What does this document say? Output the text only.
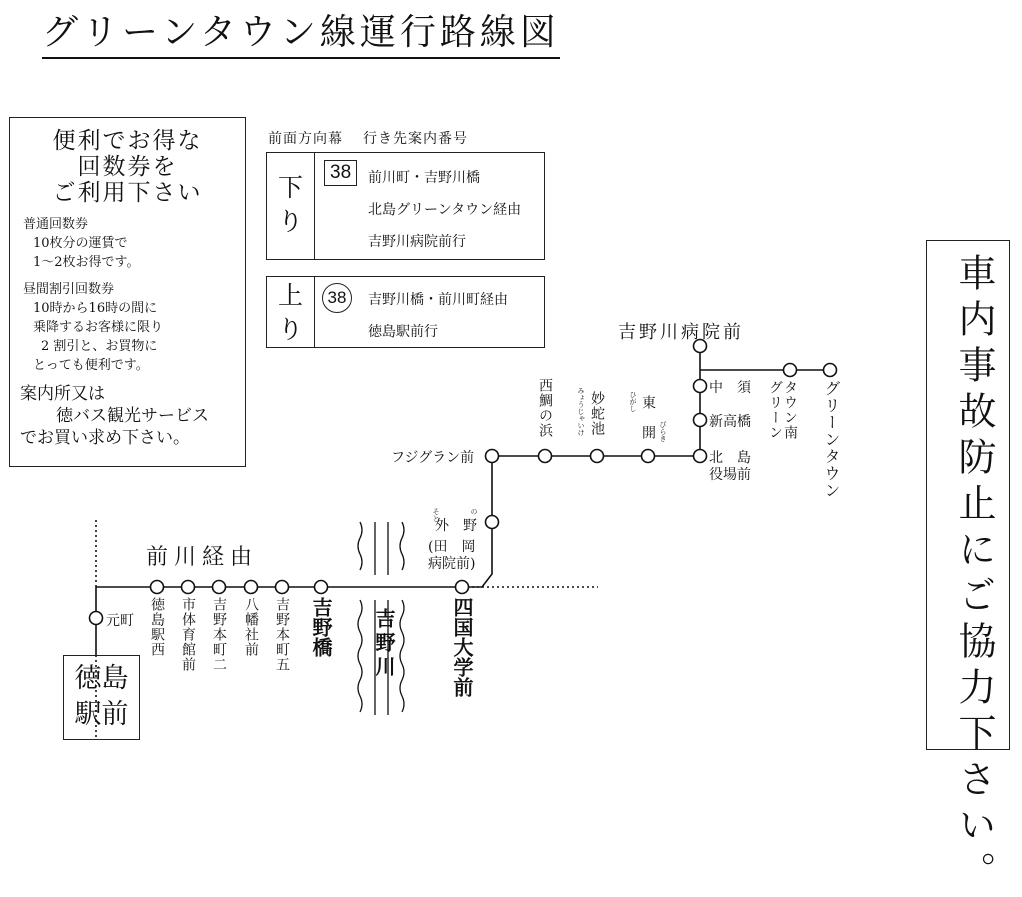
グリーンタウン線運行路線図
便利でお得な
回数券を
ご利用下さい
普通回数券
10枚分の運賃で
1〜2枚お得です。
昼間割引回数券
10時から16時の間に
乗降するお客様に限り
2 割引と、お買物に
とっても便利です。
案内所又は
徳バス観光サービス
でお買い求め下さい。
前面方向幕 行き先案内番号
下
り
38	前川町・吉野川橋
北島グリーンタウン経由
吉野川病院前行
上
り
38	吉野川橋・前川町経由
徳島駅前行	車内事故防止にご協力下さい。
徳島
駅前
前川経由
吉野川
元町 徳島駅西 市体育館前 吉野本町二 八幡社前 吉野本町五 吉野橋	四国大学前
そと	の
外　野
(田　岡
病院前)
フジグラン前
西鯛の浜	みょうじゃいけ 妙蛇池	ひがし
びらき
東　開
北　島
役場前
新高橋
中　須
吉野川病院前
タウン南
グリーン グリーンタウン
